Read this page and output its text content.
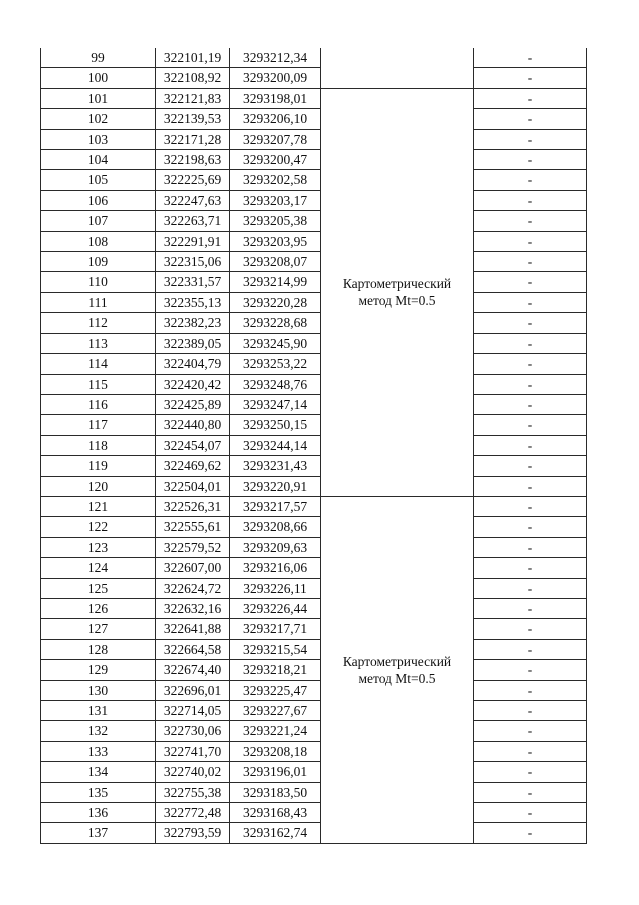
99	322101,19	3293212,34		-
100	322108,92	3293200,09		-
101	322121,83	3293198,01	Картометрический метод Mt=0.5	-
102	322139,53	3293206,10		-
103	322171,28	3293207,78		-
104	322198,63	3293200,47		-
105	322225,69	3293202,58		-
106	322247,63	3293203,17		-
107	322263,71	3293205,38		-
108	322291,91	3293203,95		-
109	322315,06	3293208,07		-
110	322331,57	3293214,99		-
111	322355,13	3293220,28		-
112	322382,23	3293228,68		-
113	322389,05	3293245,90		-
114	322404,79	3293253,22		-
115	322420,42	3293248,76		-
116	322425,89	3293247,14		-
117	322440,80	3293250,15		-
118	322454,07	3293244,14		-
119	322469,62	3293231,43		-
120	322504,01	3293220,91		-
121	322526,31	3293217,57	Картометрический метод Mt=0.5	-
122	322555,61	3293208,66		-
123	322579,52	3293209,63		-
124	322607,00	3293216,06		-
125	322624,72	3293226,11		-
126	322632,16	3293226,44		-
127	322641,88	3293217,71		-
128	322664,58	3293215,54		-
129	322674,40	3293218,21		-
130	322696,01	3293225,47		-
131	322714,05	3293227,67		-
132	322730,06	3293221,24		-
133	322741,70	3293208,18		-
134	322740,02	3293196,01		-
135	322755,38	3293183,50		-
136	322772,48	3293168,43		-
137	322793,59	3293162,74		-
